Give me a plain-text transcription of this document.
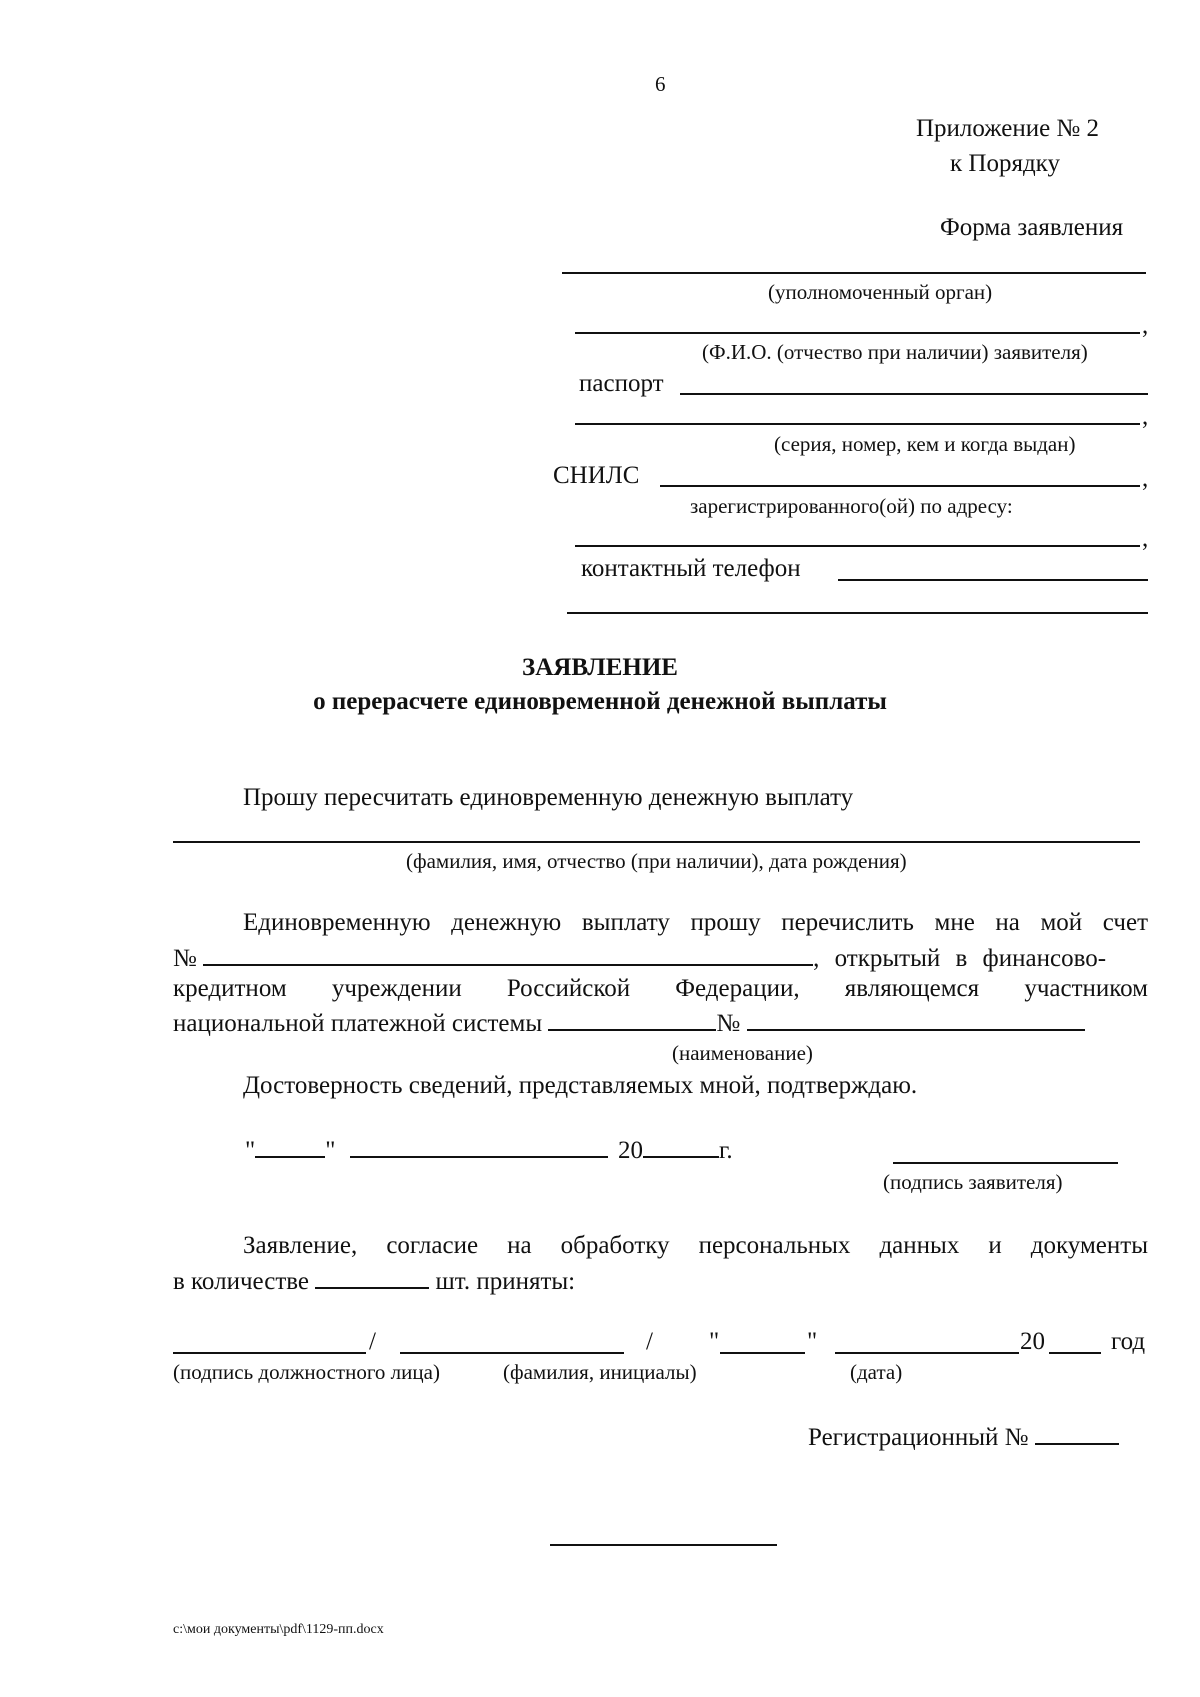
6
Приложение № 2
к Порядку
Форма заявления
(уполномоченный орган)
,
(Ф.И.О. (отчество при наличии) заявителя)
паспорт
,
(серия, номер, кем и когда выдан)
СНИЛС	,
зарегистрированного(ой) по адресу:
,
контактный телефон
ЗАЯВЛЕНИЕ
о перерасчете единовременной денежной выплаты
Прошу пересчитать единовременную денежную выплату
(фамилия, имя, отчество (при наличии), дата рождения)
Единовременную денежную выплату прошу перечислить мне на мой счет
№	, открытый в финансово-
кредитном учреждении Российской Федерации, являющемся участником
национальной платежной системы	№
(наименование)
Достоверность сведений, представляемых мной, подтверждаю.
"	"	20	г.
(подпись заявителя)
Заявление, согласие на обработку персональных данных и документы
в количестве	шт. приняты:
/	/ "	"	20	год
(подпись должностного лица)	(фамилия, инициалы)	(дата)
Регистрационный №
c:\мои документы\pdf\1129-пп.docx
